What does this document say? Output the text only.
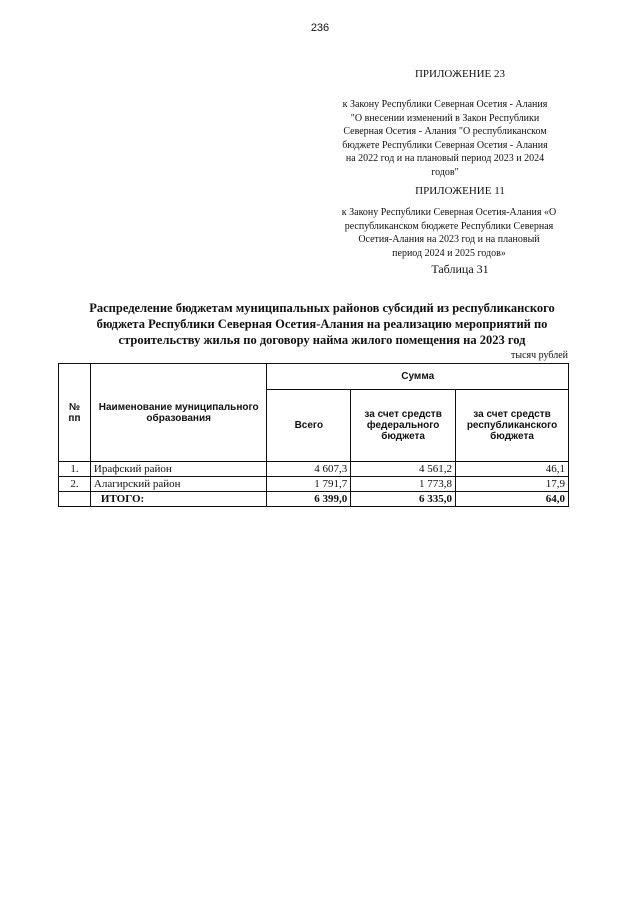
236
ПРИЛОЖЕНИЕ 23
к Закону Республики Северная Осетия - Алания
"О внесении изменений в Закон Республики
Северная Осетия - Алания "О республиканском
бюджете Республики Северная Осетия - Алания
на 2022 год и на плановый период 2023 и 2024
годов"
ПРИЛОЖЕНИЕ 11
к Закону Республики Северная Осетия-Алания «О
республиканском бюджете Республики Северная
Осетия-Алания на 2023 год и на плановый
период 2024 и 2025 годов»
Таблица 31
Распределение бюджетам муниципальных районов субсидий из республиканского
бюджета Республики Северная Осетия-Алания на реализацию мероприятий по
строительству жилья по договору найма жилого помещения на 2023 год
тысяч рублей
№ пп	Наименование муниципального образования	Сумма		
		Всего	за счет средств федерального бюджета	за счет средств республиканского бюджета
1.	Ирафский район	4 607,3	4 561,2	46,1
2.	Алагирский район	1 791,7	1 773,8	17,9
	ИТОГО:	6 399,0	6 335,0	64,0
